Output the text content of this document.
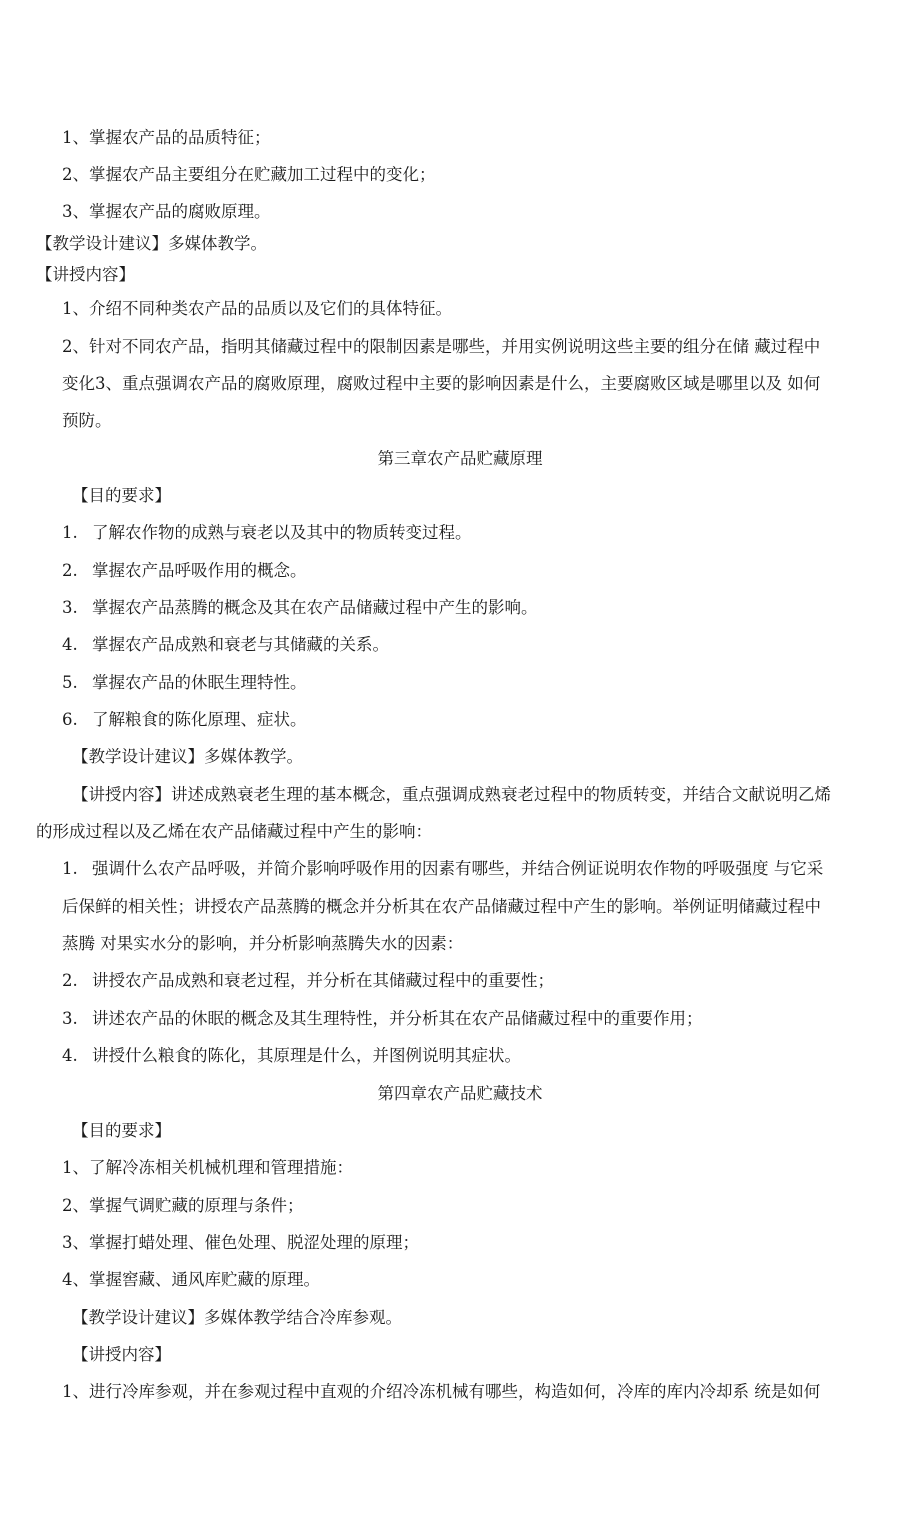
1、掌握农产品的品质特征；
2、掌握农产品主要组分在贮藏加工过程中的变化；
3、掌握农产品的腐败原理。
【教学设计建议】多媒体教学。
【讲授内容】
1、介绍不同种类农产品的品质以及它们的具体特征。
2、针对不同农产品，指明其储藏过程中的限制因素是哪些，并用实例说明这些主要的组分在储 藏过程中
变化3、重点强调农产品的腐败原理，腐败过程中主要的影响因素是什么，主要腐败区域是哪里以及 如何
预防。
第三章农产品贮藏原理
【目的要求】
1. 了解农作物的成熟与衰老以及其中的物质转变过程。
2. 掌握农产品呼吸作用的概念。
3. 掌握农产品蒸腾的概念及其在农产品储藏过程中产生的影响。
4. 掌握农产品成熟和衰老与其储藏的关系。
5. 掌握农产品的休眠生理特性。
6. 了解粮食的陈化原理、症状。
【教学设计建议】多媒体教学。
【讲授内容】讲述成熟衰老生理的基本概念，重点强调成熟衰老过程中的物质转变，并结合文献说明乙烯
的形成过程以及乙烯在农产品储藏过程中产生的影响：
1. 强调什么农产品呼吸，并简介影响呼吸作用的因素有哪些，并结合例证说明农作物的呼吸强度 与它采
后保鲜的相关性；讲授农产品蒸腾的概念并分析其在农产品储藏过程中产生的影响。举例证明储藏过程中
蒸腾 对果实水分的影响，并分析影响蒸腾失水的因素：
2. 讲授农产品成熟和衰老过程，并分析在其储藏过程中的重要性；
3. 讲述农产品的休眠的概念及其生理特性，并分析其在农产品储藏过程中的重要作用；
4. 讲授什么粮食的陈化，其原理是什么，并图例说明其症状。
第四章农产品贮藏技术
【目的要求】
1、了解冷冻相关机械机理和管理措施：
2、掌握气调贮藏的原理与条件；
3、掌握打蜡处理、催色处理、脱涩处理的原理；
4、掌握窖藏、通风库贮藏的原理。
【教学设计建议】多媒体教学结合冷库参观。
【讲授内容】
1、进行冷库参观，并在参观过程中直观的介绍冷冻机械有哪些，构造如何，冷库的库内冷却系 统是如何
